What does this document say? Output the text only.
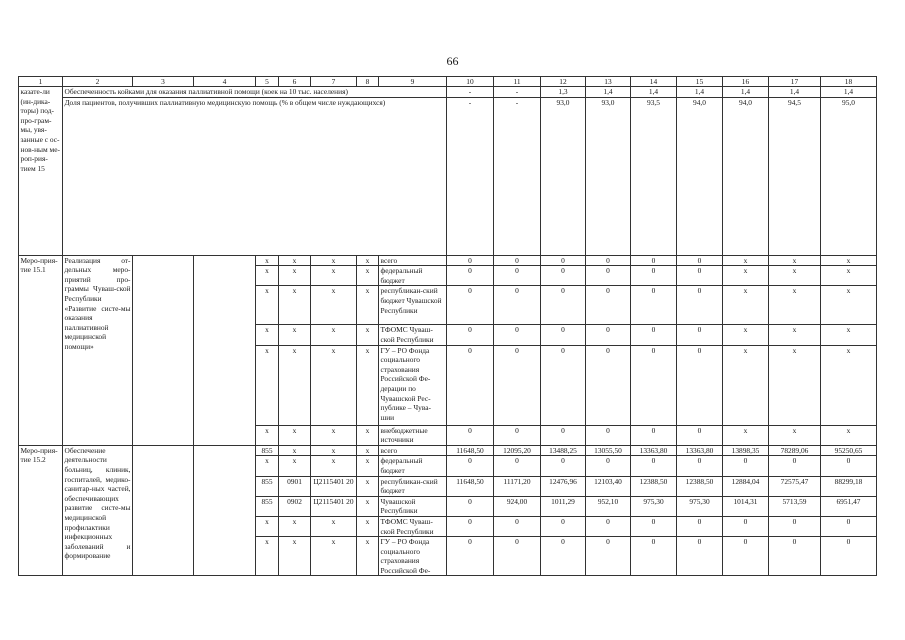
66
1	2	3	4	5	6	7	8	9	10	11	12	13	14	15	16	17	18
казате-ли (ин-дика-торы) под-про-грам-мы, увя-занные с ос-нов-ным ме-роп-рия-тием 15	Обеспеченность койками для оказания паллиативной помощи (коек на 10 тыс. населения)								-	-	1,3	1,4	1,4	1,4	1,4	1,4	1,4
	Доля пациентов, получивших паллиативную медицинскую помощь (% в общем числе нуждающихся)								-	-	93,0	93,0	93,5	94,0	94,0	94,5	95,0
Меро-прия-тие 15.1	Реализация от-дельных меро-приятий про-граммы Чуваш-ской Республики «Развитие систе-мы оказания паллиативной медицинской помощи»			x	x	x	x	всего	0	0	0	0	0	0	x	x	x
				x	x	x	x	федеральный бюджет	0	0	0	0	0	0	x	x	x
				x	x	x	x	республикан-ский бюджет Чувашской Республики	0	0	0	0	0	0	x	x	x
				x	x	x	x	ТФОМС Чуваш-ской Республики	0	0	0	0	0	0	x	x	x
				x	x	x	x	ГУ – РО Фонда социального страхования Российской Фе-дерации по Чувашской Рес-публике – Чува-шии	0	0	0	0	0	0	x	x	x
				x	x	x	x	внебюджетные источники	0	0	0	0	0	0	x	x	x
Меро-прия-тие 15.2	Обеспечение деятельности больниц, клиник, госпиталей, медико-санитар-ных частей, обеспечивающих развитие систе-мы медицинской профилактики инфекционных заболеваний и формирование			855	x	x	x	всего	11648,50	12095,20	13488,25	13055,50	13363,80	13363,80	13898,35	78289,06	95250,65
				x	x	x	x	федеральный бюджет	0	0	0	0	0	0	0	0	0
				855	0901	Ц2115401 20	x	республикан-ский бюджет	11648,50	11171,20	12476,96	12103,40	12388,50	12388,50	12884,04	72575,47	88299,18
				855	0902	Ц2115401 20	x	Чувашской Республики	0	924,00	1011,29	952,10	975,30	975,30	1014,31	5713,59	6951,47
				x	x	x	x	ТФОМС Чуваш-ской Республики	0	0	0	0	0	0	0	0	0
				x	x	x	x	ГУ – РО Фонда социального страхования Российской Фе-	0	0	0	0	0	0	0	0	0
